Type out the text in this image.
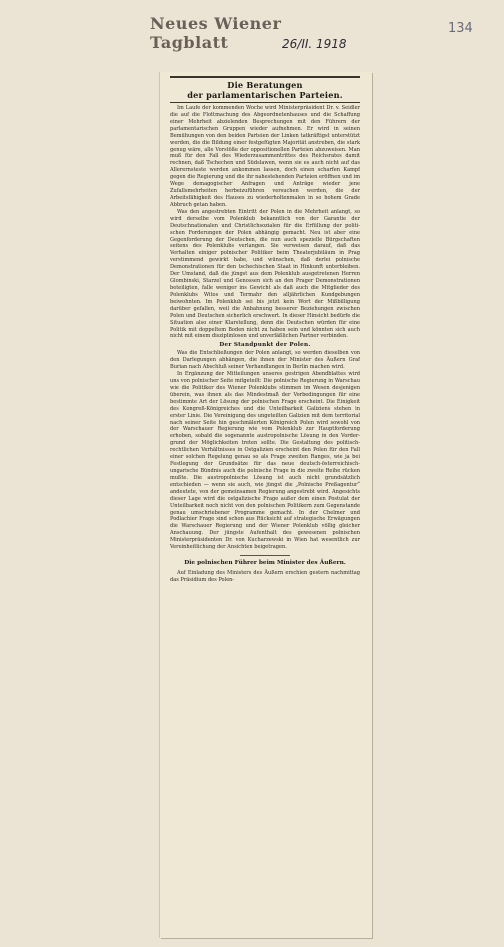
Neues Wiener Tagblatt	26/II. 1918
134
Die Beratungen
der parlamentarischen Parteien.

Im Laufe der kommenden Woche wird Ministerpräsident Dr. v. Seidler die auf die Flottmachung des Abgeordnetenhauses und die Schaffung einer Mehrheit abzielenden Besprechungen mit den Führern der parlamentarischen Gruppen wieder aufnehmen. Er wird in seinen Bemühungen von den beiden Parteien der Linken tatkräftigst unterstützt werden, die die Bildung einer festgefügten Majorität anstreben, die stark genug wäre, alle Vorstöße der oppositionellen Parteien abzuweisen. Man muß für den Fall des Wiederzusammentrittes des Reichsrates damit rechnen, daß Tschechen und Südslawen, wenn sie es auch nicht auf das Allerernsteste werden ankommen lassen, doch einen scharfen Kampf gegen die Regierung und die ihr nahestehenden Parteien eröffnen und im Wege demagogischer Anfragen und Anträge wieder jene Zufallsmehrheiten herbeizuführen versuchen werden, die der Arbeitsfähigkeit des Hauses zu wiederholtenmalen in so hohem Grade Abbruch getan haben.

Was den angestrebten Eintritt der Polen in die Mehrheit anlangt, so wird derselbe vom Polenklub bekanntlich von der Garantie der Deutschnationalen und Christlichsozialen für die Erfüllung der politischen Forderungen der Polen abhängig gemacht. Neu ist aber eine Gegenforderung der Deutschen, die nun auch spezielle Bürgschaften seitens des Polenklubs verlangen. Sie verweisen darauf, daß das Verhalten einiger polnischer Politiker beim Theaterjubiläum in Prag verstimmend gewirkt habe, und wünschen, daß derlei polnische Demonstrationen für den tschechischen Staat in Hinkunft unterbleiben. Der Umstand, daß die jüngst aus dem Polenklub ausgetretenen Herren Glombinski, Starzel und Genossen sich an den Prager Demonstrationen beteiligten, falle weniger ins Gewicht als daß auch die Mitglieder des Polenklubs Witos und Termahr den alljährlichen Kundgebungen beiwohnten. Im Polenklub sei bis jetzt kein Wort der Mißbilligung darüber gefallen, weil die Anbahnung besserer Beziehungen zwischen Polen und Deutschen sicherlich erschwert. In dieser Hinsicht bedürfe die Situation also einer Klarstellung, denn die Deutschen würden für eine Politik mit doppeltem Boden nicht zu haben sein und könnten sich auch nicht mit einem disziplinlosen und unverläßlichen Partner verbinden.

Der Standpunkt der Polen.

Was die Entschließungen der Polen anlangt, so werden dieselben von den Darlegungen abhängen, die ihnen der Minister des Äußern Graf Burian nach Abschluß seiner Verhandlungen in Berlin machen wird.

In Ergänzung der Mitteilungen unseres gestrigen Abendblattes wird uns von polnischer Seite mitgeteilt: Die polnische Regierung in Warschau wie die Politiker des Wiener Polenklubs stimmen im Wesen desjenigen überein, was ihnen als das Mindestmaß der Vorbedingungen für eine bestimmte Art der Lösung der polnischen Frage erscheint. Die Einigkeit des Kongreß-Königreiches und die Unteilbarkeit Galiziens stehen in erster Linie. Die Vereinigung des ungeteilten Galizien mit dem territorial nach seiner Seite hin geschmälerten Königreich Polen wird sowohl von der Warschauer Regierung wie vom Polenklub zur Hauptforderung erhoben, sobald die sogenannte austropolnische Lösung in den Vordergrund der Möglichkeiten treten sollte. Die Gestaltung des politisch-rechtlichen Verhältnisses in Ostgalizien erscheint den Polen für den Fall einer solchen Regelung genau so als Frage zweiten Ranges, wie ja bei Festlegung der Grundsätze für das neue deutsch-österreichisch-ungarische Bündnis auch die polnische Frage in die zweite Reihe rücken mußte. Die austropolnische Lösung ist auch nicht grundsätzlich entschieden — wenn sie auch, wie jüngst die „Polnische Preßagentur“ andeutete, von der gemeinsamen Regierung angestrebt wird. Angesichts dieser Lage wird die ostgalizische Frage außer dem einen Postulat der Unteilbarkeit noch nicht von den polnischen Politikern zum Gegenstande genau umschriebener Programme gemacht. In der Chelmer und Podlachier Frage sind schon aus Rücksicht auf strategische Erwägungen die Warschauer Regierung und der Wiener Polenklub völlig gleicher Anschauung. Der jüngste Aufenthalt des gewesenen polnischen Ministerpräsidenten Dr. von Kucharzewski in Wien hat wesentlich zur Vereinheitlichung der Ansichten beigetragen.

Die polnischen Führer beim Minister des Äußern.

Auf Einladung des Ministers des Äußern erschien gestern nachmittag das Präsidium des Polen-
